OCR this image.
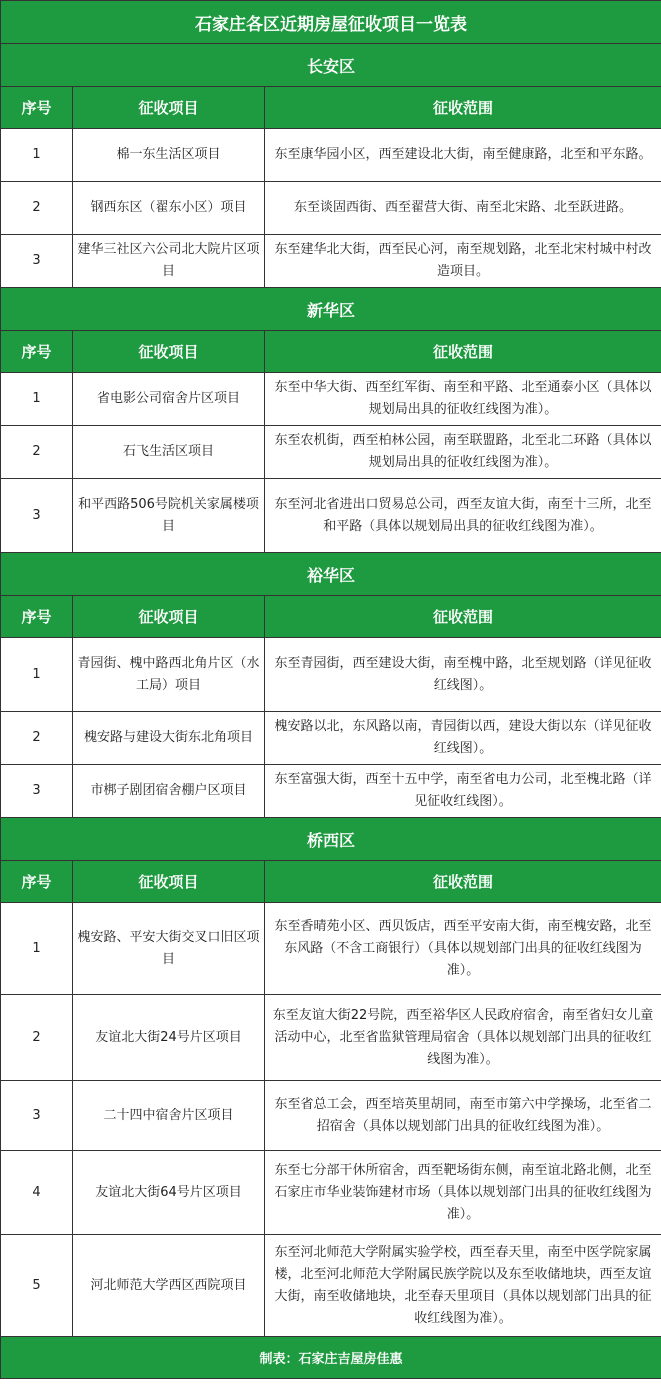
石家庄各区近期房屋征收项目一览表		
长安区		
序号	征收项目	征收范围
1	棉一东生活区项目	东至康华园小区，西至建设北大街，南至健康路，北至和平东路。
2	钢西东区（翟东小区）项目	东至谈固西街、西至翟营大街、南至北宋路、北至跃进路。
3	建华三社区六公司北大院片区项目	东至建华北大街，西至民心河，南至规划路，北至北宋村城中村改造项目。
新华区		
序号	征收项目	征收范围
1	省电影公司宿舍片区项目	东至中华大街、西至红军街、南至和平路、北至通泰小区（具体以规划局出具的征收红线图为准）。
2	石飞生活区项目	东至农机街，西至柏林公园，南至联盟路，北至北二环路（具体以规划局出具的征收红线图为准）。
3	和平西路506号院机关家属楼项目	东至河北省进出口贸易总公司，西至友谊大街，南至十三所，北至和平路（具体以规划局出具的征收红线图为准）。
裕华区		
序号	征收项目	征收范围
1	青园街、槐中路西北角片区（水工局）项目	东至青园街，西至建设大街，南至槐中路，北至规划路（详见征收红线图）。
2	槐安路与建设大街东北角项目	槐安路以北，东风路以南，青园街以西，建设大街以东（详见征收红线图）。
3	市梆子剧团宿舍棚户区项目	东至富强大街，西至十五中学，南至省电力公司，北至槐北路（详见征收红线图）。
桥西区		
序号	征收项目	征收范围
1	槐安路、平安大街交叉口旧区项目	东至香晴苑小区、西贝饭店，西至平安南大街，南至槐安路，北至东风路（不含工商银行）（具体以规划部门出具的征收红线图为准）。
2	友谊北大街24号片区项目	东至友谊大街22号院，西至裕华区人民政府宿舍，南至省妇女儿童活动中心，北至省监狱管理局宿舍（具体以规划部门出具的征收红线图为准）。
3	二十四中宿舍片区项目	东至省总工会，西至培英里胡同，南至市第六中学操场，北至省二招宿舍（具体以规划部门出具的征收红线图为准）。
4	友谊北大街64号片区项目	东至七分部干休所宿舍，西至靶场街东侧，南至谊北路北侧，北至石家庄市华业装饰建材市场（具体以规划部门出具的征收红线图为准）。
5	河北师范大学西区西院项目	东至河北师范大学附属实验学校，西至春天里，南至中医学院家属楼，北至河北师范大学附属民族学院以及东至收储地块，西至友谊大街，南至收储地块，北至春天里项目（具体以规划部门出具的征收红线图为准）。
制表：石家庄吉屋房佳惠		
